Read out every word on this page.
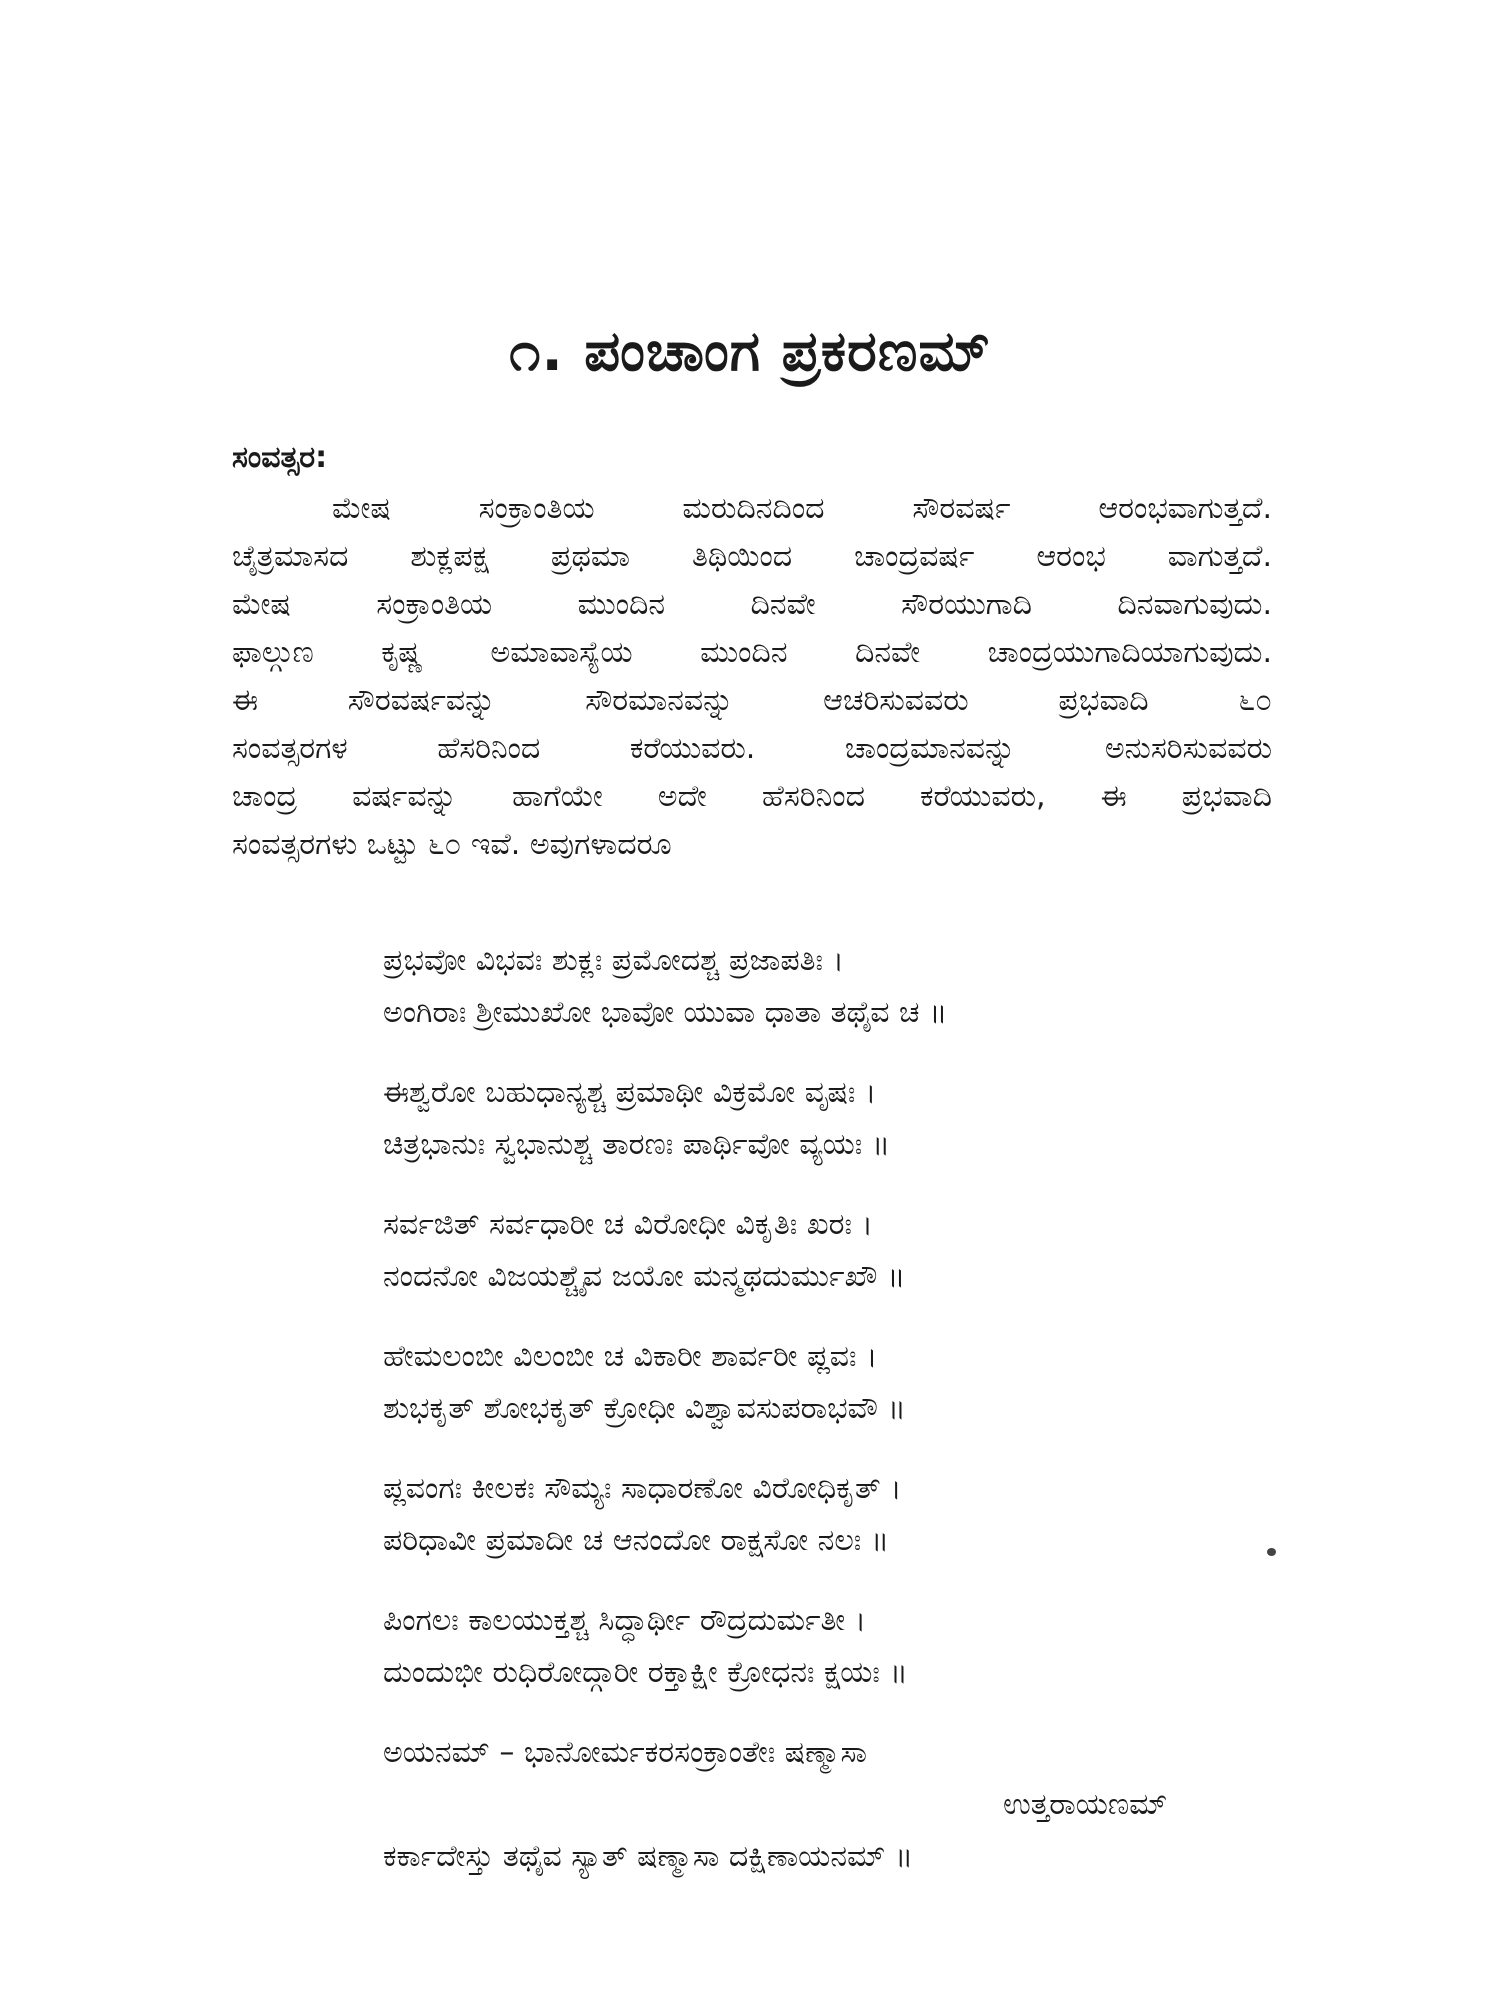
೧. ಪಂಚಾಂಗ ಪ್ರಕರಣಮ್
ಸಂವತ್ಸರ:
ಮೇಷ ಸಂಕ್ರಾಂತಿಯ ಮರುದಿನದಿಂದ ಸೌರವರ್ಷ ಆರಂಭವಾಗುತ್ತದೆ.
ಚೈತ್ರಮಾಸದ ಶುಕ್ಲಪಕ್ಷ ಪ್ರಥಮಾ ತಿಥಿಯಿಂದ ಚಾಂದ್ರವರ್ಷ ಆರಂಭ ವಾಗುತ್ತದೆ.
ಮೇಷ ಸಂಕ್ರಾಂತಿಯ ಮುಂದಿನ ದಿನವೇ ಸೌರಯುಗಾದಿ ದಿನವಾಗುವುದು.
ಫಾಲ್ಗುಣ ಕೃಷ್ಣ ಅಮಾವಾಸ್ಯೆಯ ಮುಂದಿನ ದಿನವೇ ಚಾಂದ್ರಯುಗಾದಿಯಾಗುವುದು.
ಈ ಸೌರವರ್ಷವನ್ನು ಸೌರಮಾನವನ್ನು ಆಚರಿಸುವವರು ಪ್ರಭವಾದಿ ೬೦
ಸಂವತ್ಸರಗಳ ಹೆಸರಿನಿಂದ ಕರೆಯುವರು. ಚಾಂದ್ರಮಾನವನ್ನು ಅನುಸರಿಸುವವರು
ಚಾಂದ್ರ ವರ್ಷವನ್ನು ಹಾಗೆಯೇ ಅದೇ ಹೆಸರಿನಿಂದ ಕರೆಯುವರು, ಈ ಪ್ರಭವಾದಿ
ಸಂವತ್ಸರಗಳು ಒಟ್ಟು ೬೦ ಇವೆ. ಅವುಗಳಾದರೂ
ಪ್ರಭವೋ ವಿಭವಃ ಶುಕ್ಲಃ ಪ್ರಮೋದಶ್ಚ ಪ್ರಜಾಪತಿಃ ।
ಅಂಗಿರಾಃ ಶ್ರೀಮುಖೋ ಭಾವೋ ಯುವಾ ಧಾತಾ ತಥೈವ ಚ ॥
ಈಶ್ವರೋ ಬಹುಧಾನ್ಯಶ್ಚ ಪ್ರಮಾಥೀ ವಿಕ್ರಮೋ ವೃಷಃ ।
ಚಿತ್ರಭಾನುಃ ಸ್ವಭಾನುಶ್ಚ ತಾರಣಃ ಪಾರ್ಥಿವೋ ವ್ಯಯಃ ॥
ಸರ್ವಜಿತ್ ಸರ್ವಧಾರೀ ಚ ವಿರೋಧೀ ವಿಕೃತಿಃ ಖರಃ ।
ನಂದನೋ ವಿಜಯಶ್ಚೈವ ಜಯೋ ಮನ್ಮಥದುರ್ಮುಖೌ ॥
ಹೇಮಲಂಬೀ ವಿಲಂಬೀ ಚ ವಿಕಾರೀ ಶಾರ್ವರೀ ಪ್ಲವಃ ।
ಶುಭಕೃತ್ ಶೋಭಕೃತ್ ಕ್ರೋಧೀ ವಿಶ್ವಾವಸುಪರಾಭವೌ ॥
ಪ್ಲವಂಗಃ ಕೀಲಕಃ ಸೌಮ್ಯಃ ಸಾಧಾರಣೋ ವಿರೋಧಿಕೃತ್ ।
ಪರಿಧಾವೀ ಪ್ರಮಾದೀ ಚ ಆನಂದೋ ರಾಕ್ಷಸೋ ನಲಃ ॥
ಪಿಂಗಲಃ ಕಾಲಯುಕ್ತಶ್ಚ ಸಿದ್ಧಾರ್ಥೀ ರೌದ್ರದುರ್ಮತೀ ।
ದುಂದುಭೀ ರುಧಿರೋದ್ಗಾರೀ ರಕ್ತಾಕ್ಷೀ ಕ್ರೋಧನಃ ಕ್ಷಯಃ ॥
ಅಯನಮ್ – ಭಾನೋರ್ಮಕರಸಂಕ್ರಾಂತೇಃ ಷಣ್ಮಾಸಾ
ಉತ್ತರಾಯಣಮ್
ಕರ್ಕಾದೇಸ್ತು ತಥೈವ ಸ್ಯಾತ್ ಷಣ್ಮಾಸಾ ದಕ್ಷಿಣಾಯನಮ್ ॥
